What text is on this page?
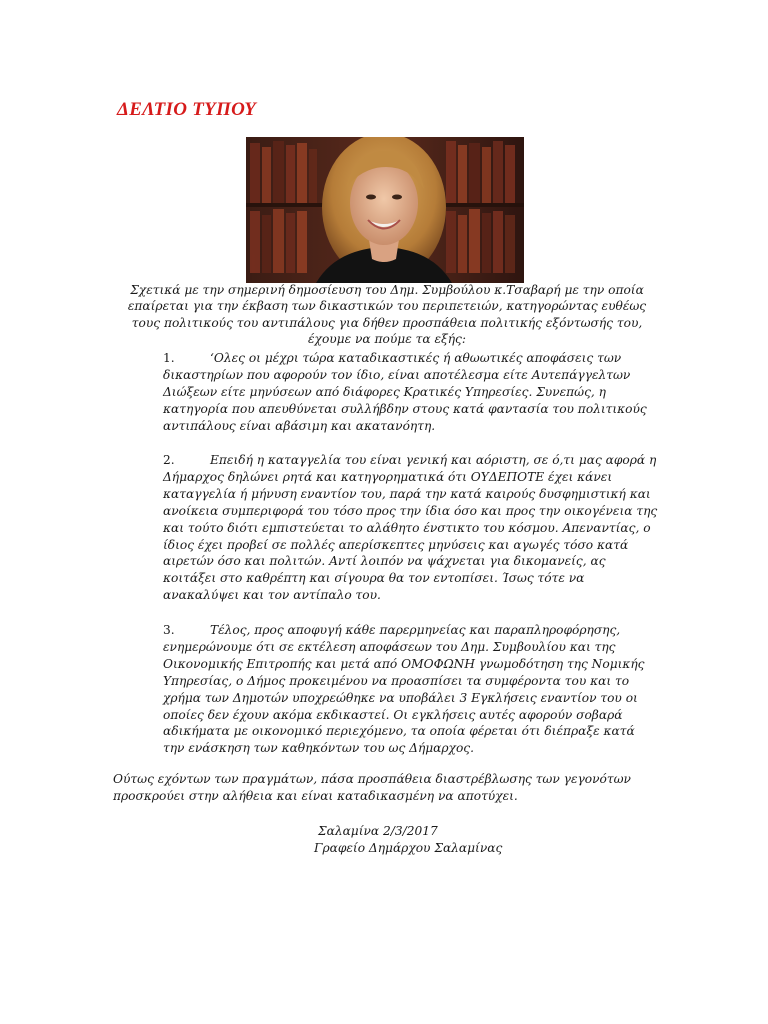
ΔΕΛΤΙΟ ΤΥΠΟΥ

Σχετικά με την σημερινή δημοσίευση του Δημ. Συμβούλου κ.Τσαβαρή με την οποία επαίρεται για την έκβαση των δικαστικών του περιπετειών, κατηγορώντας ευθέως τους πολιτικούς του αντιπάλους για δήθεν προσπάθεια πολιτικής εξόντωσής του, έχουμε να πούμε τα εξής:

1.	‘Ολες οι μέχρι τώρα καταδικαστικές ή αθωωτικές αποφάσεις των δικαστηρίων που αφορούν τον ίδιο, είναι αποτέλεσμα είτε Αυτεπάγγελτων Διώξεων είτε μηνύσεων από διάφορες Κρατικές Υπηρεσίες. Συνεπώς, η κατηγορία που απευθύνεται συλλήβδην στους κατά φαντασία του πολιτικούς αντιπάλους είναι αβάσιμη και ακατανόητη.

2.	Επειδή η καταγγελία του είναι γενική και αόριστη, σε ό,τι μας αφορά η Δήμαρχος δηλώνει ρητά και κατηγορηματικά ότι ΟΥΔΕΠΟΤΕ έχει κάνει καταγγελία ή μήνυση εναντίον του, παρά την κατά καιρούς δυσφημιστική και ανοίκεια συμπεριφορά του τόσο προς την ίδια όσο και προς την οικογένεια της και τούτο διότι εμπιστεύεται το αλάθητο ένστικτο του κόσμου. Απεναντίας, ο ίδιος έχει προβεί σε πολλές απερίσκεπτες μηνύσεις και αγωγές τόσο κατά αιρετών όσο και πολιτών. Αντί λοιπόν να ψάχνεται για δικομανείς, ας κοιτάξει στο καθρέπτη και σίγουρα θα τον εντοπίσει. Ίσως τότε να ανακαλύψει και τον αντίπαλο του.

3.	Τέλος, προς αποφυγή κάθε παρερμηνείας και παραπληροφόρησης, ενημερώνουμε ότι σε εκτέλεση αποφάσεων του Δημ. Συμβουλίου και της Οικονομικής Επιτροπής και μετά από ΟΜΟΦΩΝΗ γνωμοδότηση της Νομικής Υπηρεσίας, ο Δήμος προκειμένου να προασπίσει τα συμφέροντα του και το χρήμα των Δημοτών υποχρεώθηκε να υποβάλει 3 Εγκλήσεις εναντίον του οι οποίες δεν έχουν ακόμα εκδικαστεί. Οι εγκλήσεις αυτές αφορούν σοβαρά αδικήματα με οικονομικό περιεχόμενο, τα οποία φέρεται ότι διέπραξε κατά την ενάσκηση των καθηκόντων του ως Δήμαρχος.

Ούτως εχόντων των πραγμάτων, πάσα προσπάθεια διαστρέβλωσης των γεγονότων προσκρούει στην αλήθεια και είναι καταδικασμένη να αποτύχει.

Σαλαμίνα 2/3/2017

Γραφείο Δημάρχου Σαλαμίνας
